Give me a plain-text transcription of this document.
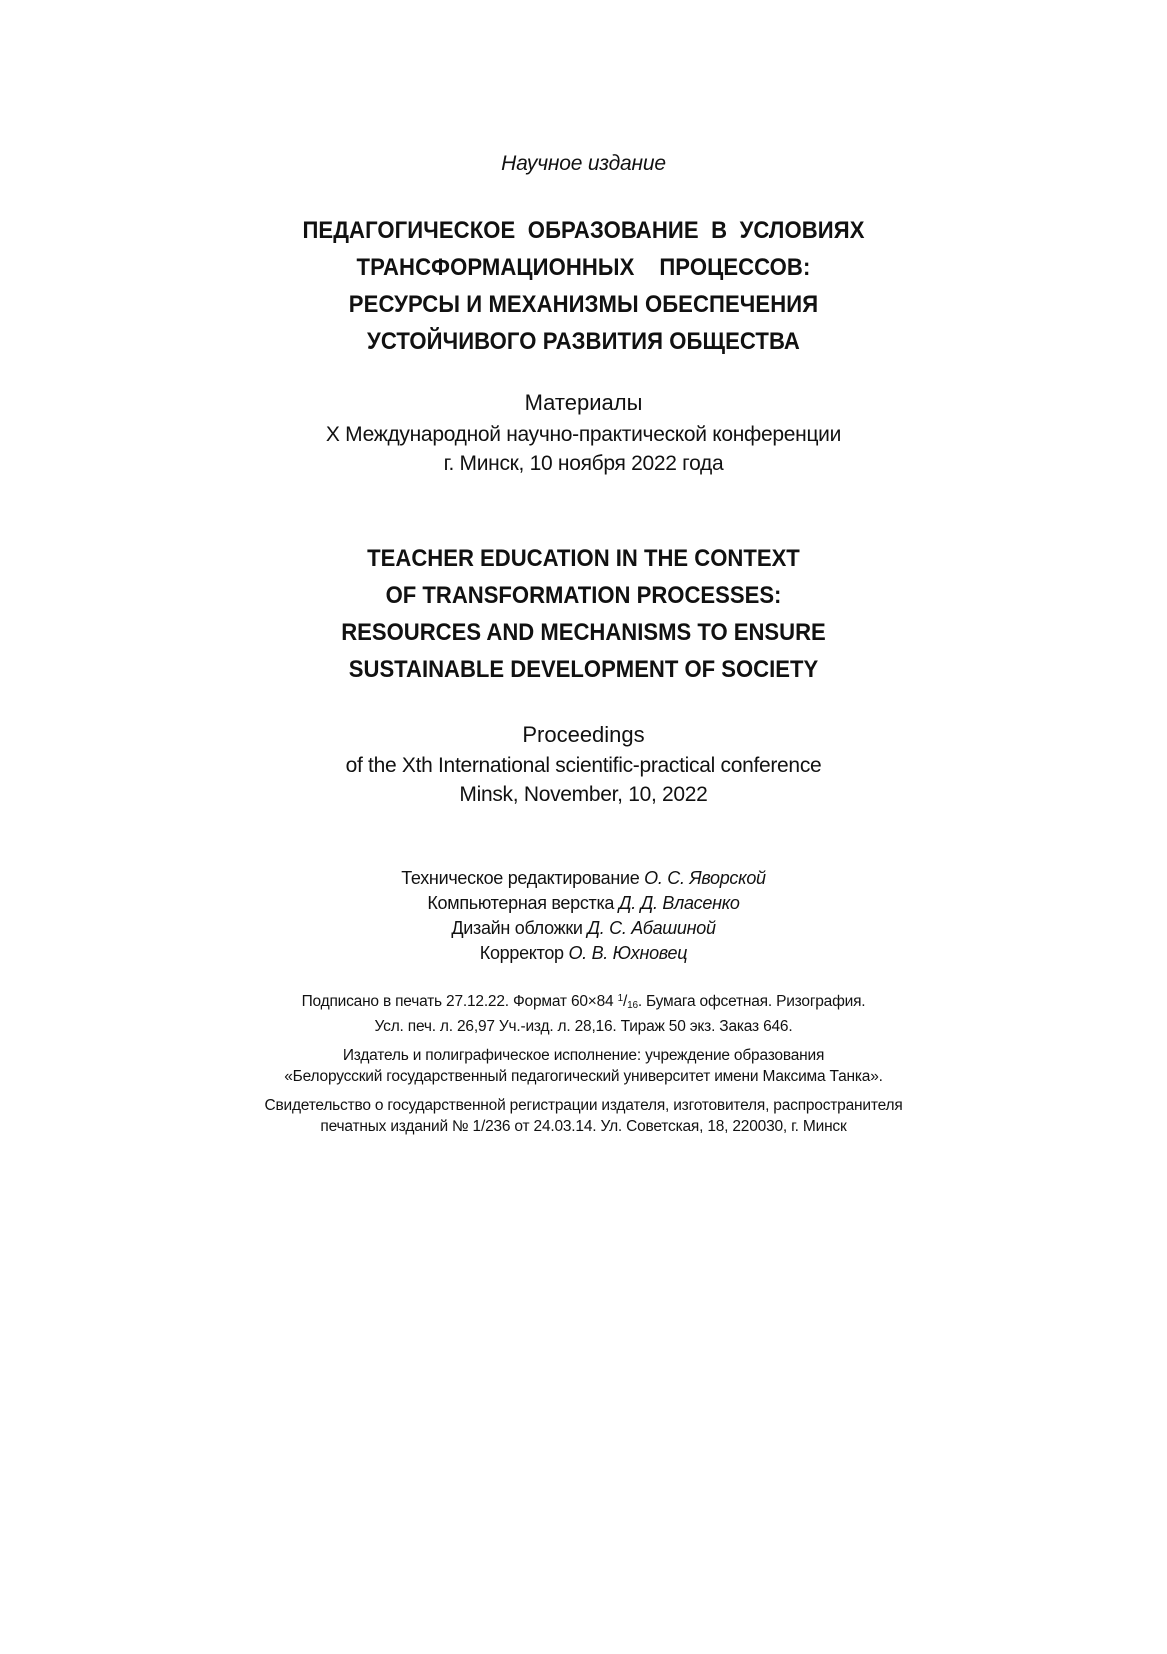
Научное издание
ПЕДАГОГИЧЕСКОЕ  ОБРАЗОВАНИЕ  В  УСЛОВИЯХ
ТРАНСФОРМАЦИОННЫХ    ПРОЦЕССОВ:
РЕСУРСЫ И МЕХАНИЗМЫ ОБЕСПЕЧЕНИЯ
УСТОЙЧИВОГО РАЗВИТИЯ ОБЩЕСТВА
Материалы
X Международной научно-практической конференции
г. Минск, 10 ноября 2022 года
TEACHER EDUCATION IN THE CONTEXT
OF TRANSFORMATION PROCESSES:
RESOURCES AND MECHANISMS TO ENSURE
SUSTAINABLE DEVELOPMENT OF SOCIETY
Proceedings
of the Xth International scientific-practical conference
Minsk, November, 10, 2022
Техническое редактирование О. С. Яворской
Компьютерная верстка Д. Д. Власенко
Дизайн обложки Д. С. Абашиной
Корректор О. В. Юхновец
Подписано в печать 27.12.22. Формат 60×84 $^1/_{16}$. Бумага офсетная. Ризография.
Усл. печ. л. 26,97 Уч.-изд. л. 28,16. Тираж 50 экз. Заказ 646.
Издатель и полиграфическое исполнение: учреждение образования
«Белорусский государственный педагогический университет имени Максима Танка».
Свидетельство о государственной регистрации издателя, изготовителя, распространителя
печатных изданий № 1/236 от 24.03.14. Ул. Советская, 18, 220030, г. Минск
